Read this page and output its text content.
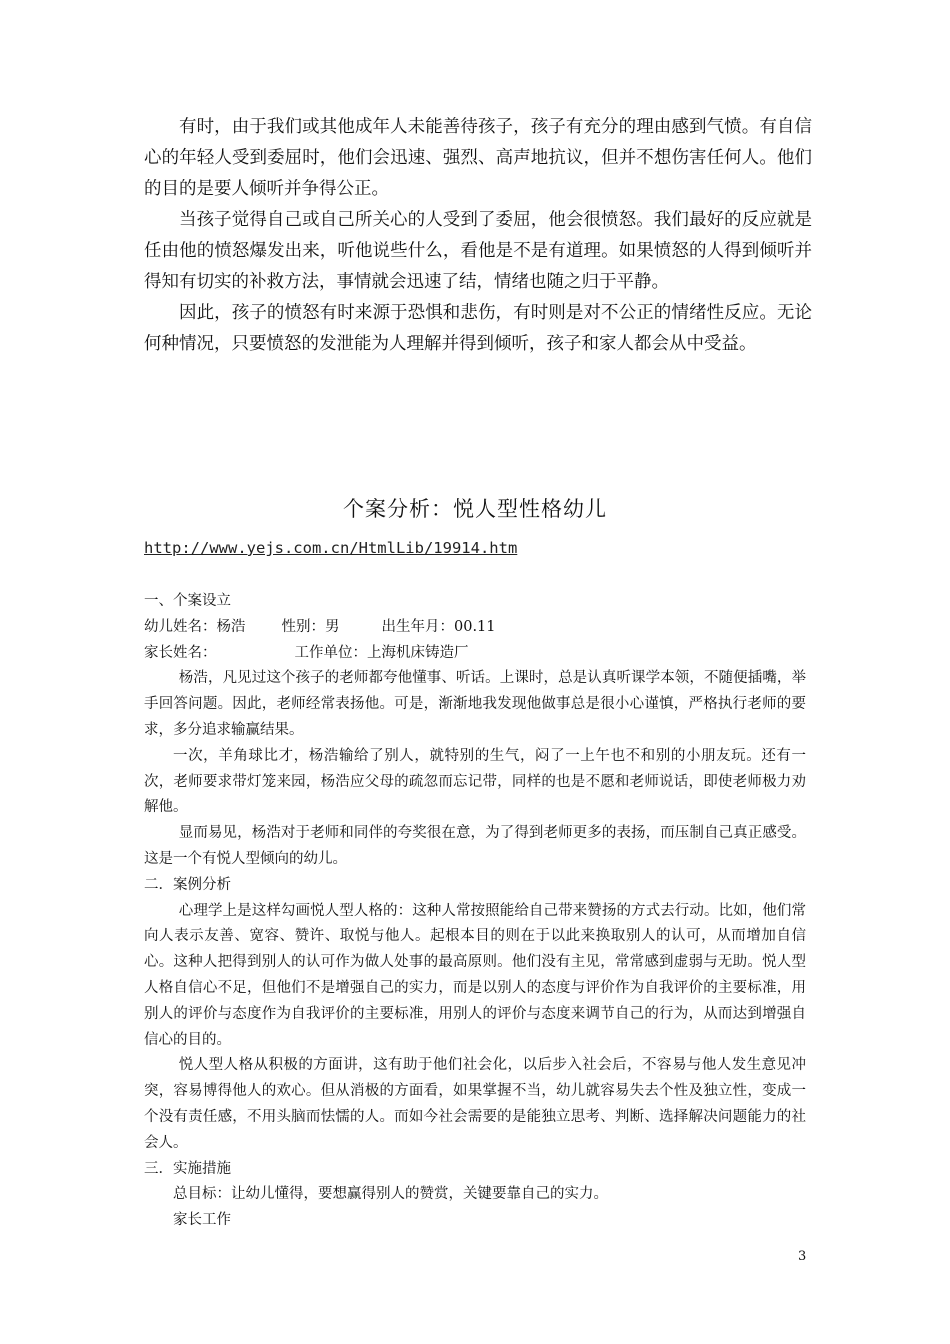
有时，由于我们或其他成年人未能善待孩子，孩子有充分的理由感到气愤。有自信心的年轻人受到委屈时，他们会迅速、强烈、高声地抗议，但并不想伤害任何人。他们的目的是要人倾听并争得公正。

当孩子觉得自己或自己所关心的人受到了委屈，他会很愤怒。我们最好的反应就是任由他的愤怒爆发出来，听他说些什么，看他是不是有道理。如果愤怒的人得到倾听并得知有切实的补救方法，事情就会迅速了结，情绪也随之归于平静。

因此，孩子的愤怒有时来源于恐惧和悲伤，有时则是对不公正的情绪性反应。无论何种情况，只要愤怒的发泄能为人理解并得到倾听，孩子和家人都会从中受益。

个案分析：悦人型性格幼儿
http://www.yejs.com.cn/HtmlLib/19914.htm

一、个案设立

幼儿姓名：杨浩 性别：男	出生年月：00.11

家长姓名：	工作单位：上海机床铸造厂

杨浩，凡见过这个孩子的老师都夸他懂事、听话。上课时，总是认真听课学本领，不随便插嘴，举手回答问题。因此，老师经常表扬他。可是，渐渐地我发现他做事总是很小心谨慎，严格执行老师的要求，多分追求输赢结果。

一次，羊角球比才，杨浩输给了别人，就特别的生气，闷了一上午也不和别的小朋友玩。还有一次，老师要求带灯笼来园，杨浩应父母的疏忽而忘记带，同样的也是不愿和老师说话，即使老师极力劝解他。

显而易见，杨浩对于老师和同伴的夸奖很在意，为了得到老师更多的表扬，而压制自己真正感受。这是一个有悦人型倾向的幼儿。

二．案例分析

心理学上是这样勾画悦人型人格的：这种人常按照能给自己带来赞扬的方式去行动。比如，他们常向人表示友善、宽容、赞许、取悦与他人。起根本目的则在于以此来换取别人的认可，从而增加自信心。这种人把得到别人的认可作为做人处事的最高原则。他们没有主见，常常感到虚弱与无助。悦人型人格自信心不足，但他们不是增强自己的实力，而是以别人的态度与评价作为自我评价的主要标准，用别人的评价与态度作为自我评价的主要标准，用别人的评价与态度来调节自己的行为，从而达到增强自信心的目的。

悦人型人格从积极的方面讲，这有助于他们社会化，以后步入社会后，不容易与他人发生意见冲突，容易博得他人的欢心。但从消极的方面看，如果掌握不当，幼儿就容易失去个性及独立性，变成一个没有责任感，不用头脑而怯懦的人。而如今社会需要的是能独立思考、判断、选择解决问题能力的社会人。

三．实施措施

总目标：让幼儿懂得，要想赢得别人的赞赏，关键要靠自己的实力。

家长工作

3
